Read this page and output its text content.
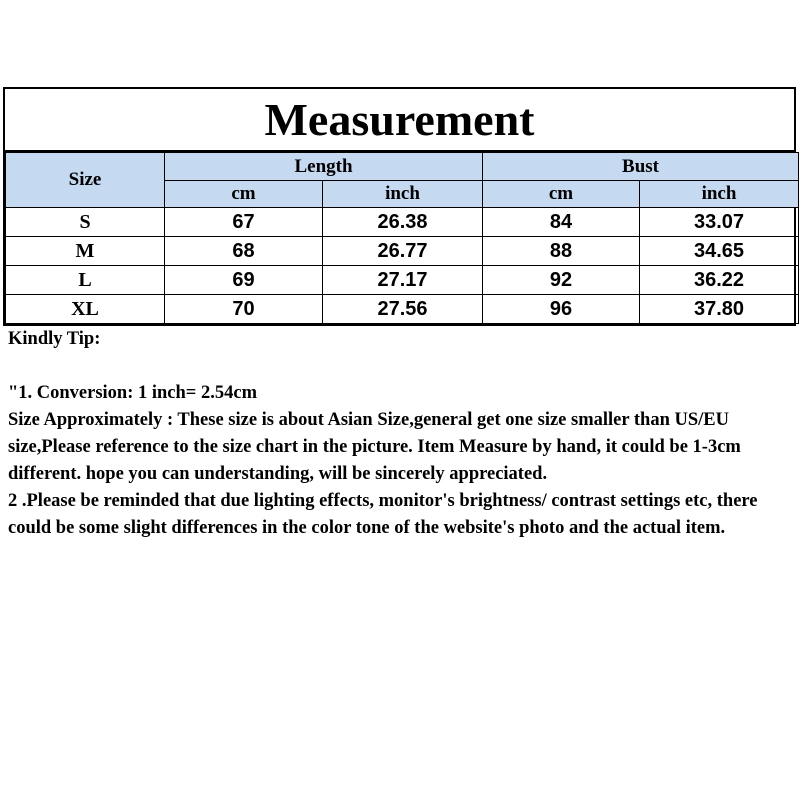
Measurement
Size	Length		Bust	
	cm	inch	cm	inch
S	67	26.38	84	33.07
M	68	26.77	88	34.65
L	69	27.17	92	36.22
XL	70	27.56	96	37.80

Kindly Tip:

"1. Conversion: 1 inch= 2.54cm

Size Approximately : These size is about Asian Size,general get one size smaller than US/EU size,Please reference to the size chart in the picture. Item Measure by hand, it could be 1-3cm different. hope you can understanding, will be sincerely appreciated.

2 .Please be reminded that due lighting effects, monitor's brightness/ contrast settings etc, there could be some slight differences in the color tone of the website's photo and the actual item.
